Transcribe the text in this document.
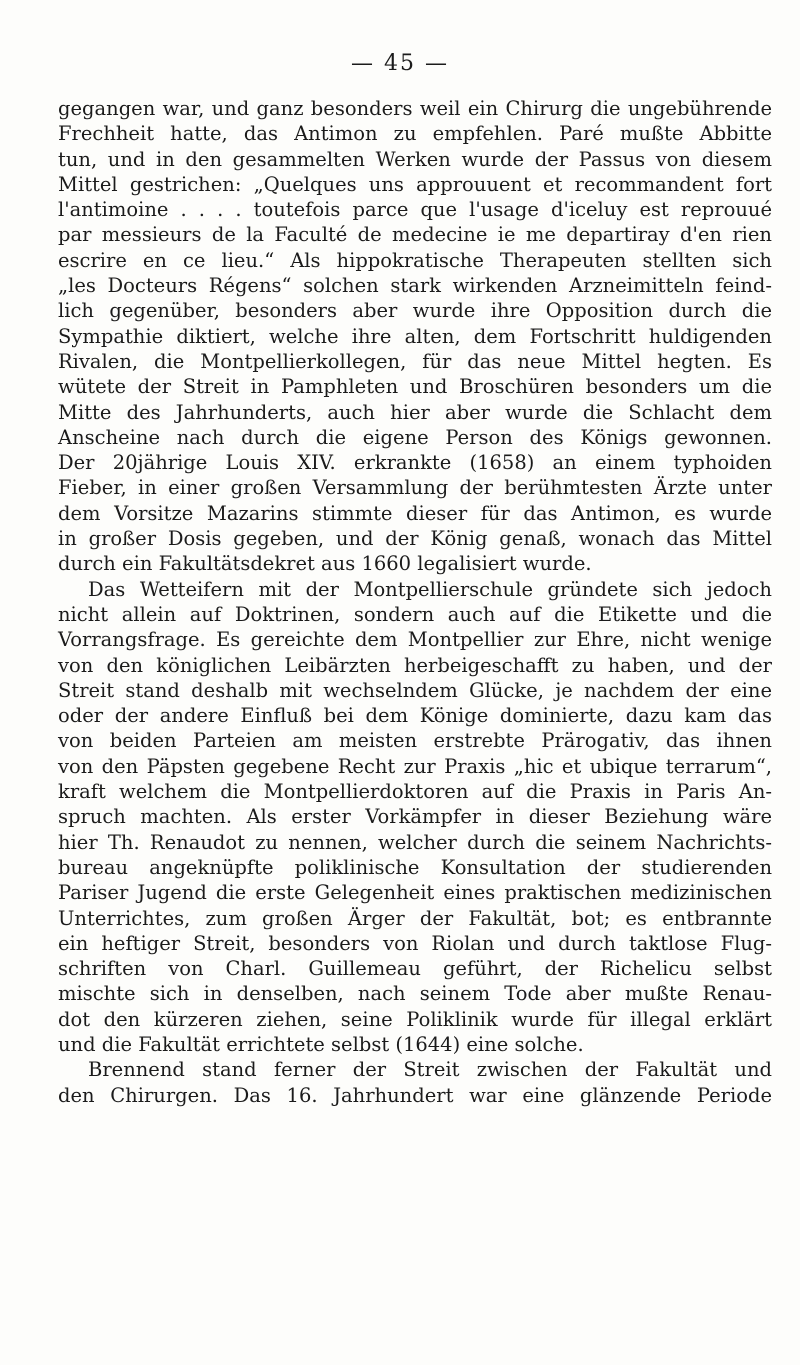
— 45 —
gegangen war, und ganz besonders weil ein Chirurg die ungebührende
Frechheit hatte, das Antimon zu empfehlen. Paré mußte Abbitte
tun, und in den gesammelten Werken wurde der Passus von diesem
Mittel gestrichen: „Quelques uns approuuent et recommandent fort
l'antimoine . . . . toutefois parce que l'usage d'iceluy est reprouué
par messieurs de la Faculté de medecine ie me departiray d'en rien
escrire en ce lieu.“ Als hippokratische Therapeuten stellten sich
„les Docteurs Régens“ solchen stark wirkenden Arzneimitteln feind-
lich gegenüber, besonders aber wurde ihre Opposition durch die
Sympathie diktiert, welche ihre alten, dem Fortschritt huldigenden
Rivalen, die Montpellierkollegen, für das neue Mittel hegten. Es
wütete der Streit in Pamphleten und Broschüren besonders um die
Mitte des Jahrhunderts, auch hier aber wurde die Schlacht dem
Anscheine nach durch die eigene Person des Königs gewonnen.
Der 20jährige Louis XIV. erkrankte (1658) an einem typhoiden
Fieber, in einer großen Versammlung der berühmtesten Ärzte unter
dem Vorsitze Mazarins stimmte dieser für das Antimon, es wurde
in großer Dosis gegeben, und der König genaß, wonach das Mittel
durch ein Fakultätsdekret aus 1660 legalisiert wurde.
Das Wetteifern mit der Montpellierschule gründete sich jedoch
nicht allein auf Doktrinen, sondern auch auf die Etikette und die
Vorrangsfrage. Es gereichte dem Montpellier zur Ehre, nicht wenige
von den königlichen Leibärzten herbeigeschafft zu haben, und der
Streit stand deshalb mit wechselndem Glücke, je nachdem der eine
oder der andere Einfluß bei dem Könige dominierte, dazu kam das
von beiden Parteien am meisten erstrebte Prärogativ, das ihnen
von den Päpsten gegebene Recht zur Praxis „hic et ubique terrarum“,
kraft welchem die Montpellierdoktoren auf die Praxis in Paris An-
spruch machten. Als erster Vorkämpfer in dieser Beziehung wäre
hier Th. Renaudot zu nennen, welcher durch die seinem Nachrichts-
bureau angeknüpfte poliklinische Konsultation der studierenden
Pariser Jugend die erste Gelegenheit eines praktischen medizinischen
Unterrichtes, zum großen Ärger der Fakultät, bot; es entbrannte
ein heftiger Streit, besonders von Riolan und durch taktlose Flug-
schriften von Charl. Guillemeau geführt, der Richelicu selbst
mischte sich in denselben, nach seinem Tode aber mußte Renau-
dot den kürzeren ziehen, seine Poliklinik wurde für illegal erklärt
und die Fakultät errichtete selbst (1644) eine solche.
Brennend stand ferner der Streit zwischen der Fakultät und
den Chirurgen. Das 16. Jahrhundert war eine glänzende Periode
